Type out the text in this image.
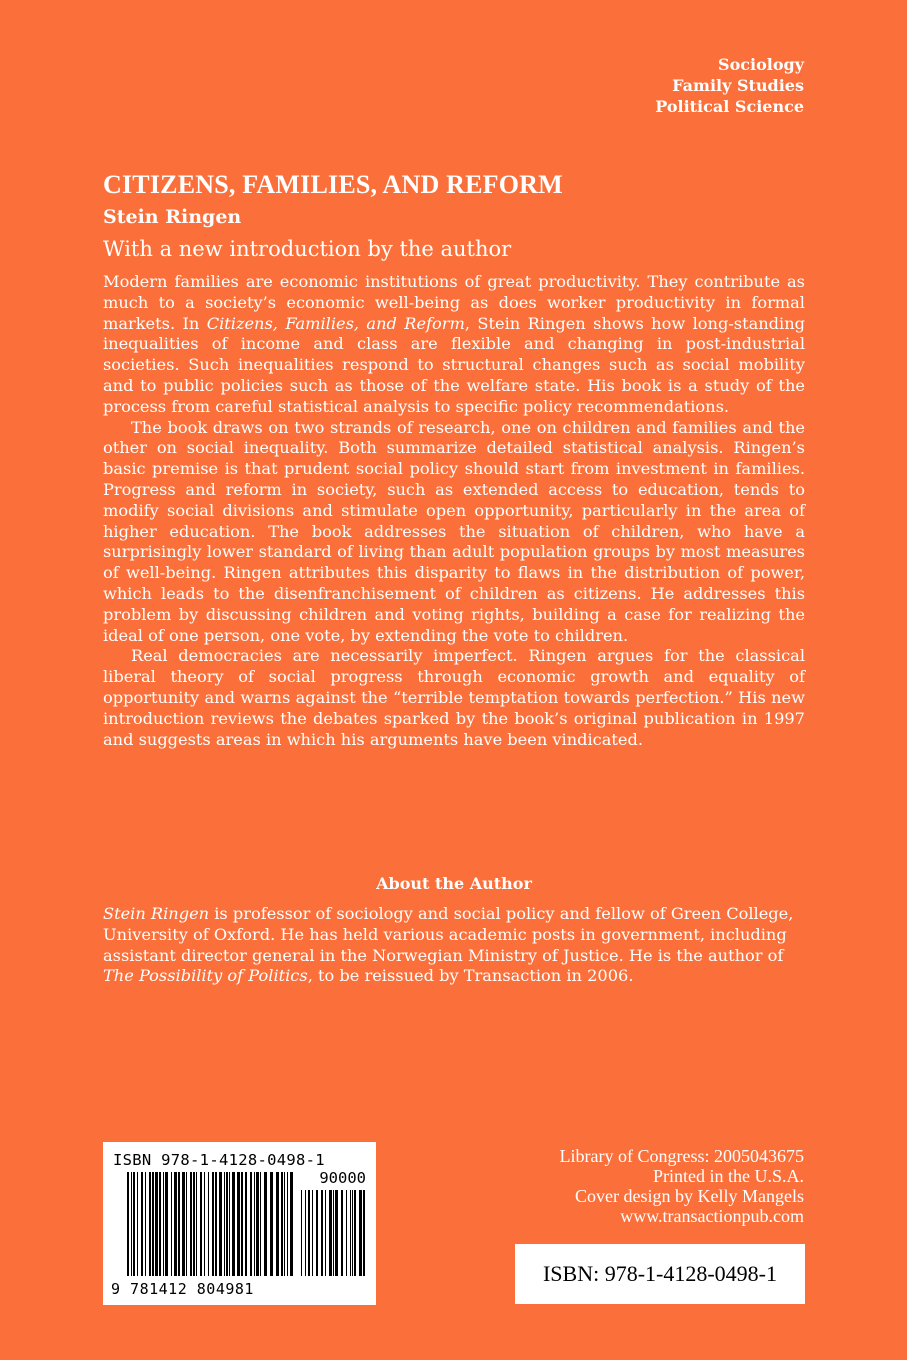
Sociology
Family Studies
Political Science
CITIZENS, FAMILIES, AND REFORM
Stein Ringen
With a new introduction by the author

Modern families are economic institutions of great productivity. They contribute as much to a society’s economic well-being as does worker productivity in formal markets. In Citizens, Families, and Reform, Stein Ringen shows how long-standing inequalities of income and class are flexible and changing in post-industrial societies. Such inequalities respond to structural changes such as social mobility and to public policies such as those of the welfare state. His book is a study of the process from careful statistical analysis to specific policy recommendations.

The book draws on two strands of research, one on children and families and the other on social inequality. Both summarize detailed statistical analysis. Ringen’s basic premise is that prudent social policy should start from investment in families. Progress and reform in society, such as extended access to education, tends to modify social divisions and stimulate open opportunity, particularly in the area of higher education. The book addresses the situation of children, who have a surprisingly lower standard of living than adult population groups by most measures of well-being. Ringen attributes this disparity to flaws in the distribution of power, which leads to the disenfranchisement of children as citizens. He addresses this problem by discussing children and voting rights, building a case for realizing the ideal of one person, one vote, by extending the vote to children.

Real democracies are necessarily imperfect. Ringen argues for the classical liberal theory of social progress through economic growth and equality of opportunity and warns against the “terrible temptation towards perfection.” His new introduction reviews the debates sparked by the book’s original publication in 1997 and suggests areas in which his arguments have been vindicated.

About the Author
Stein Ringen is professor of sociology and social policy and fellow of Green College, University of Oxford. He has held various academic posts in government, including assistant director general in the Norwegian Ministry of Justice. He is the author of The Possibility of Politics, to be reissued by Transaction in 2006.
ISBN 978-1-4128-0498-1
90000
9 781412 804981
Library of Congress: 2005043675
Printed in the U.S.A.
Cover design by Kelly Mangels
www.transactionpub.com
ISBN: 978-1-4128-0498-1
